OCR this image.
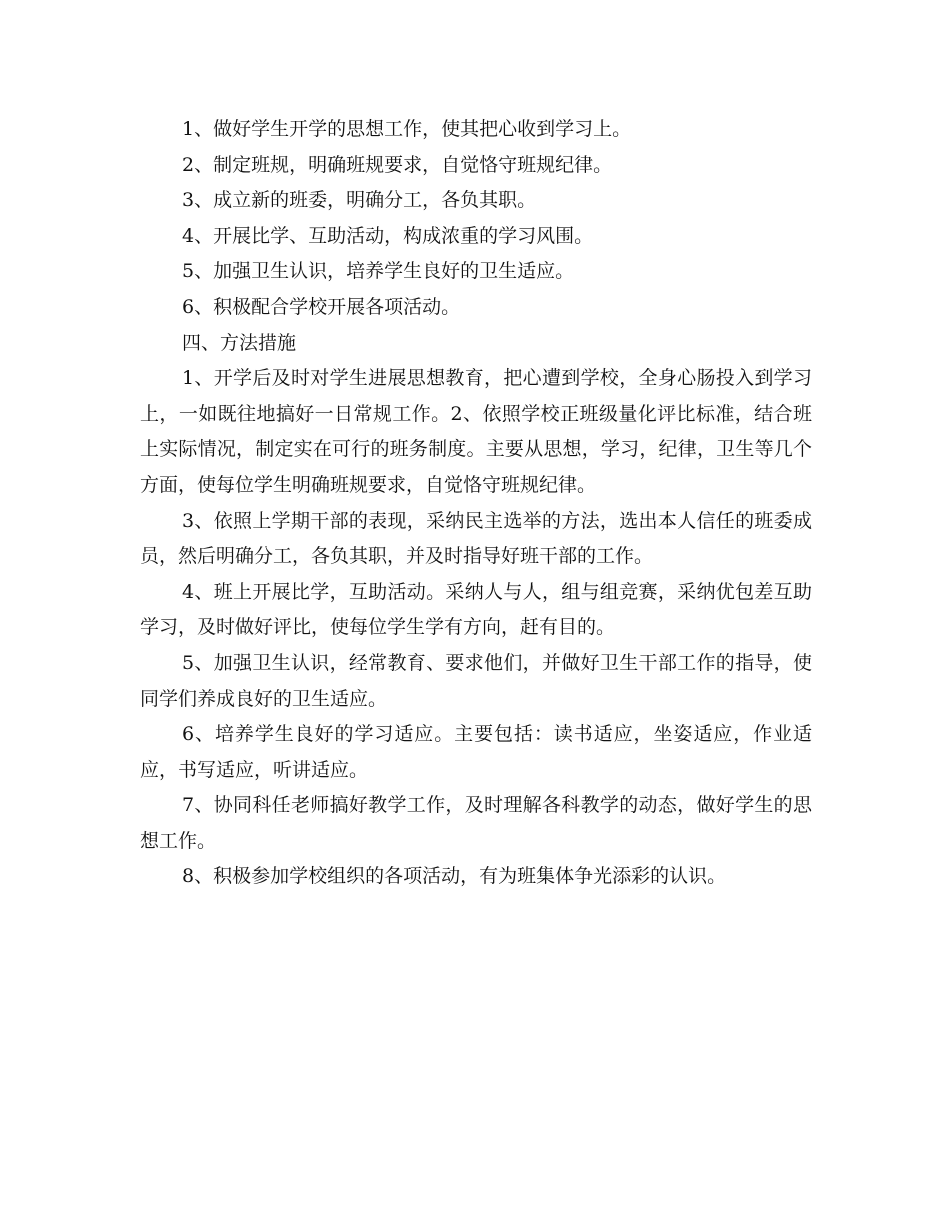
1、做好学生开学的思想工作，使其把心收到学习上。

2、制定班规，明确班规要求，自觉恪守班规纪律。

3、成立新的班委，明确分工，各负其职。

4、开展比学、互助活动，构成浓重的学习风围。

5、加强卫生认识，培养学生良好的卫生适应。

6、积极配合学校开展各项活动。

四、方法措施

1、开学后及时对学生进展思想教育，把心遭到学校，全身心肠投入到学习上，一如既往地搞好一日常规工作。2、依照学校正班级量化评比标准，结合班上实际情况，制定实在可行的班务制度。主要从思想，学习，纪律，卫生等几个方面，使每位学生明确班规要求，自觉恪守班规纪律。

3、依照上学期干部的表现，采纳民主选举的方法，选出本人信任的班委成员，然后明确分工，各负其职，并及时指导好班干部的工作。

4、班上开展比学，互助活动。采纳人与人，组与组竞赛，采纳优包差互助学习，及时做好评比，使每位学生学有方向，赶有目的。

5、加强卫生认识，经常教育、要求他们，并做好卫生干部工作的指导，使同学们养成良好的卫生适应。

6、培养学生良好的学习适应。主要包括：读书适应，坐姿适应，作业适应，书写适应，听讲适应。

7、协同科任老师搞好教学工作，及时理解各科教学的动态，做好学生的思想工作。

8、积极参加学校组织的各项活动，有为班集体争光添彩的认识。
